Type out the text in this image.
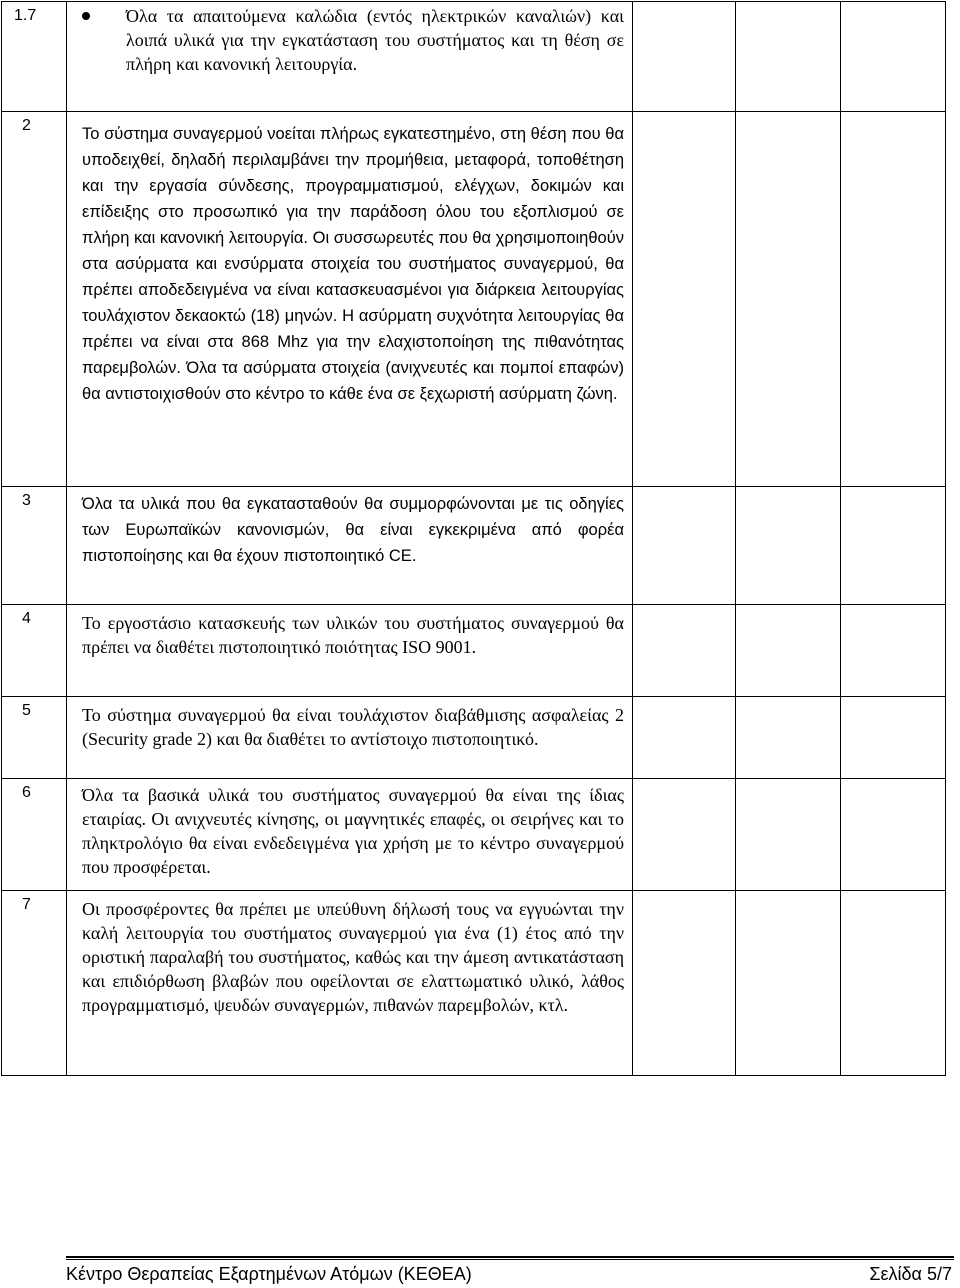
1.7	Όλα τα απαιτούμενα καλώδια (εντός ηλεκτρικών καναλιών) και λοιπά υλικά για την εγκατάσταση του συστήματος και τη θέση σε πλήρη και κανονική λειτουργία.			

2	Το σύστημα συναγερμού νοείται πλήρως εγκατεστημένο, στη θέση που θα υποδειχθεί, δηλαδή περιλαμβάνει την προμήθεια, μεταφορά, τοποθέτηση και την εργασία σύνδεσης, προγραμματισμού, ελέγχων, δοκιμών και επίδειξης στο προσωπικό για την παράδοση όλου του εξοπλισμού σε πλήρη και κανονική λειτουργία. Οι συσσωρευτές που θα χρησιμοποιηθούν στα ασύρματα και ενσύρματα στοιχεία του συστήματος συναγερμού, θα πρέπει αποδεδειγμένα να είναι κατασκευασμένοι για διάρκεια λειτουργίας τουλάχιστον δεκαοκτώ (18) μηνών. Η ασύρματη συχνότητα λειτουργίας θα πρέπει να είναι στα 868 Mhz για την ελαχιστοποίηση της πιθανότητας παρεμβολών. Όλα τα ασύρματα στοιχεία (ανιχνευτές και πομποί επαφών) θα αντιστοιχισθούν στο κέντρο το κάθε ένα σε ξεχωριστή ασύρματη ζώνη.			

3	Όλα τα υλικά που θα εγκατασταθούν θα συμμορφώνονται με τις οδηγίες των Ευρωπαϊκών κανονισμών, θα είναι εγκεκριμένα από φορέα πιστοποίησης και θα έχουν πιστοποιητικό CE.			

4	Το εργοστάσιο κατασκευής των υλικών του συστήματος συναγερμού θα πρέπει να διαθέτει πιστοποιητικό ποιότητας ISO 9001.			

5	Το σύστημα συναγερμού θα είναι τουλάχιστον διαβάθμισης ασφαλείας 2 (Security grade 2) και θα διαθέτει το αντίστοιχο πιστοποιητικό.			

6	Όλα τα βασικά υλικά του συστήματος συναγερμού θα είναι της ίδιας εταιρίας. Οι ανιχνευτές κίνησης, οι μαγνητικές επαφές, οι σειρήνες και το πληκτρολόγιο θα είναι ενδεδειγμένα για χρήση με το κέντρο συναγερμού που προσφέρεται.			

7	Οι προσφέροντες θα πρέπει με υπεύθυνη δήλωσή τους να εγγυώνται την καλή λειτουργία του συστήματος συναγερμού για ένα (1) έτος από την οριστική παραλαβή του συστήματος, καθώς και την άμεση αντικατάσταση και επιδιόρθωση βλαβών που οφείλονται σε ελαττωματικό υλικό, λάθος προγραμματισμό, ψευδών συναγερμών, πιθανών παρεμβολών, κτλ.			

Κέντρο Θεραπείας Εξαρτημένων Ατόμων (ΚΕΘΕΑ)	Σελίδα 5/7
